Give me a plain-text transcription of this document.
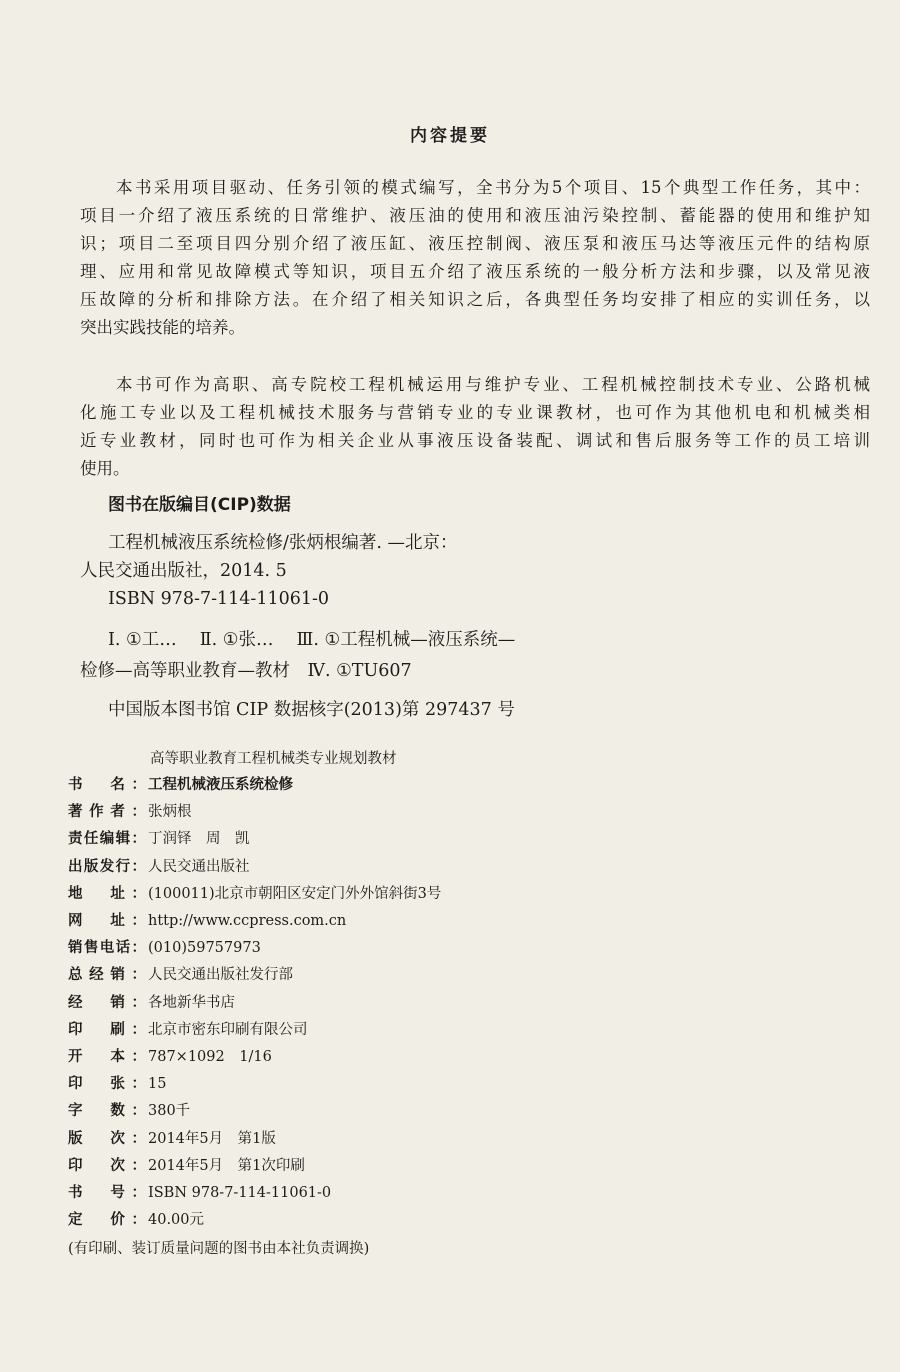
内容提要
本书采用项目驱动、任务引领的模式编写，全书分为5个项目、15个典型工作任务，其中：
项目一介绍了液压系统的日常维护、液压油的使用和液压油污染控制、蓄能器的使用和维护知
识；项目二至项目四分别介绍了液压缸、液压控制阀、液压泵和液压马达等液压元件的结构原
理、应用和常见故障模式等知识，项目五介绍了液压系统的一般分析方法和步骤，以及常见液
压故障的分析和排除方法。在介绍了相关知识之后，各典型任务均安排了相应的实训任务，以
突出实践技能的培养。
本书可作为高职、高专院校工程机械运用与维护专业、工程机械控制技术专业、公路机械
化施工专业以及工程机械技术服务与营销专业的专业课教材，也可作为其他机电和机械类相
近专业教材，同时也可作为相关企业从事液压设备装配、调试和售后服务等工作的员工培训
使用。
图书在版编目(CIP)数据
工程机械液压系统检修/张炳根编著. —北京：
人民交通出版社，2014. 5
ISBN 978-7-114-11061-0
Ⅰ. ①工…　 Ⅱ. ①张…　 Ⅲ. ①工程机械—液压系统—
检修—高等职业教育—教材　Ⅳ. ①TU607
中国版本图书馆 CIP 数据核字(2013)第 297437 号
高等职业教育工程机械类专业规划教材
书　名： 工程机械液压系统检修
著作者： 张炳根
责任编辑： 丁润铎　周　凯
出版发行： 人民交通出版社
地　址： (100011)北京市朝阳区安定门外外馆斜街3号
网　址： http://www.ccpress.com.cn
销售电话： (010)59757973
总经销： 人民交通出版社发行部
经　销： 各地新华书店
印　刷： 北京市密东印刷有限公司
开　本： 787×1092　1/16
印　张： 15
字　数： 380千
版　次： 2014年5月　第1版
印　次： 2014年5月　第1次印刷
书　号： ISBN 978-7-114-11061-0
定　价： 40.00元
(有印刷、装订质量问题的图书由本社负责调换)
